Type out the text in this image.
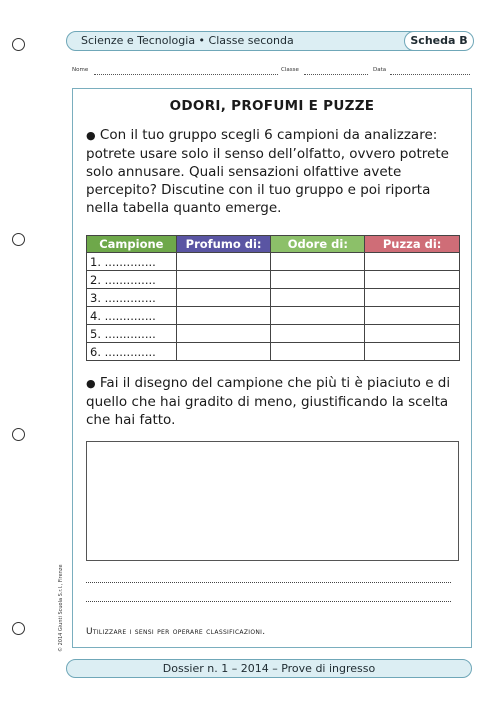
Scienze e Tecnologia • Classe seconda	Scheda B
Nome	Classe	Data
ODORI, PROFUMI E PUZZE
● Con il tuo gruppo scegli 6 campioni da analizzare: potrete usare solo il senso dell’olfatto, ovvero potrete solo annusare. Quali sensazioni olfattive avete percepito? Discutine con il tuo gruppo e poi riporta nella tabella quanto emerge.
Campione	Profumo di:	Odore di:	Puzza di:
1. ..............			
2. ..............			
3. ..............			
4. ..............			
5. ..............			
6. ..............			
● Fai il disegno del campione che più ti è piaciuto e di quello che hai gradito di meno, giustificando la scelta che hai fatto.
Utilizzare i sensi per operare classificazioni.
© 2014 Giunti Scuola S.r.l., Firenze
Dossier n. 1 – 2014 – Prove di ingresso
